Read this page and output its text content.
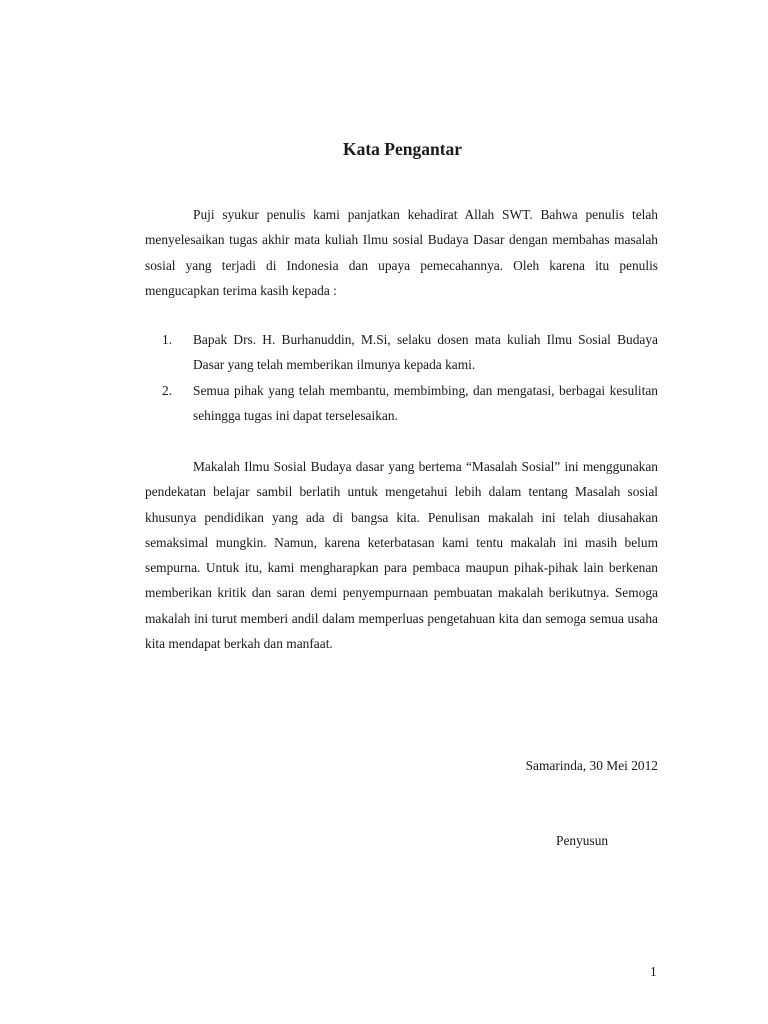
Kata Pengantar

Puji syukur penulis kami panjatkan kehadirat Allah SWT. Bahwa penulis telah menyelesaikan tugas akhir mata kuliah Ilmu sosial Budaya Dasar dengan membahas masalah sosial yang terjadi di Indonesia dan upaya pemecahannya. Oleh karena itu penulis mengucapkan terima kasih kepada :

1. Bapak Drs. H. Burhanuddin, M.Si, selaku dosen mata kuliah Ilmu Sosial Budaya Dasar yang telah memberikan ilmunya kepada kami.
2. Semua pihak yang telah membantu, membimbing, dan mengatasi, berbagai kesulitan sehingga tugas ini dapat terselesaikan.

Makalah Ilmu Sosial Budaya dasar yang bertema “Masalah Sosial” ini menggunakan pendekatan belajar sambil berlatih untuk mengetahui lebih dalam tentang Masalah sosial khusunya pendidikan yang ada di bangsa kita. Penulisan makalah ini telah diusahakan semaksimal mungkin. Namun, karena keterbatasan kami tentu makalah ini masih belum sempurna. Untuk itu, kami mengharapkan para pembaca maupun pihak-pihak lain berkenan memberikan kritik dan saran demi penyempurnaan pembuatan makalah berikutnya. Semoga makalah ini turut memberi andil dalam memperluas pengetahuan kita dan semoga semua usaha kita mendapat berkah dan manfaat.

Samarinda, 30 Mei 2012

Penyusun

1
